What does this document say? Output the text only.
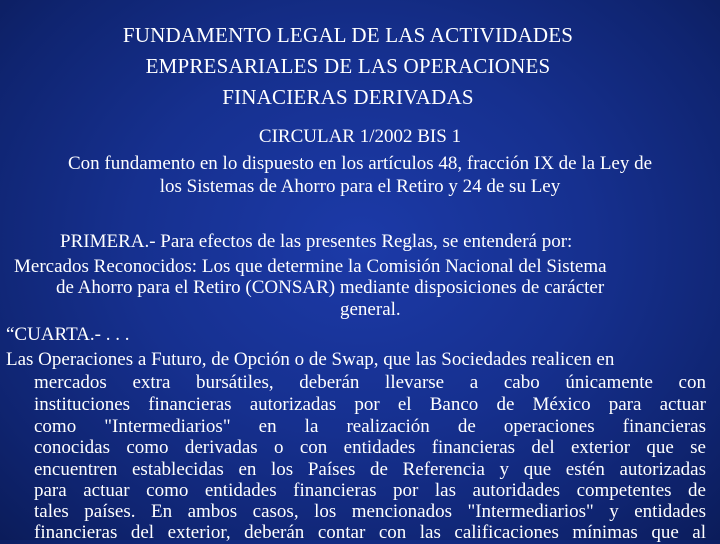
FUNDAMENTO LEGAL DE LAS ACTIVIDADES
EMPRESARIALES DE LAS OPERACIONES
FINACIERAS DERIVADAS
CIRCULAR 1/2002 BIS 1
Con fundamento en lo dispuesto en los artículos 48, fracción IX de la Ley de
los Sistemas de Ahorro para el Retiro y 24 de su Ley
PRIMERA.- Para efectos de las presentes Reglas, se entenderá por:
Mercados Reconocidos: Los que determine la Comisión Nacional del Sistema
de Ahorro para el Retiro (CONSAR) mediante disposiciones de carácter
general.
“CUARTA.- . . .
Las Operaciones a Futuro, de Opción o de Swap, que las Sociedades realicen en
mercados extra bursátiles, deberán llevarse a cabo únicamente con
instituciones financieras autorizadas por el Banco de México para actuar
como "Intermediarios" en la realización de operaciones financieras
conocidas como derivadas o con entidades financieras del exterior que se
encuentren establecidas en los Países de Referencia y que estén autorizadas
para actuar como entidades financieras por las autoridades competentes de
tales países. En ambos casos, los mencionados "Intermediarios" y entidades
financieras del exterior, deberán contar con las calificaciones mínimas que al
